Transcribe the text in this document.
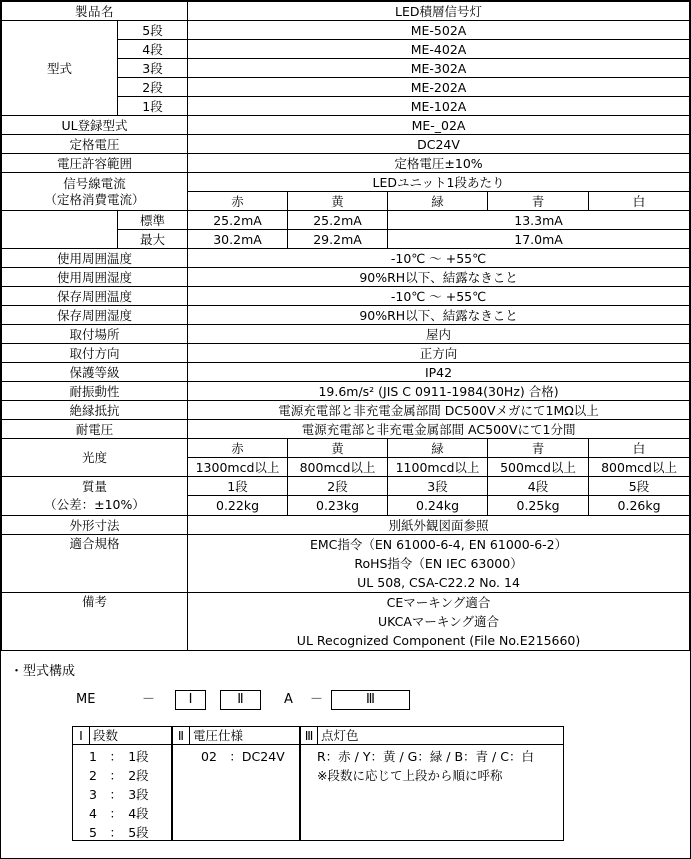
製品名		LED積層信号灯				
型式	5段	ME-502A				
	4段	ME-402A				
	3段	ME-302A				
	2段	ME-202A				
	1段	ME-102A				
UL登録型式		ME-_02A				
定格電圧		DC24V				
電圧許容範囲		定格電圧±10%				

信号線電流
（定格消費電流）		LEDユニット1段あたり				
		赤	黄	緑	青	白
	標準	25.2mA	25.2mA	13.3mA		
	最大	30.2mA	29.2mA	17.0mA		
使用周囲温度		-10℃ ～ +55℃				
使用周囲湿度		90%RH以下、結露なきこと				
保存周囲温度		-10℃ ～ +55℃				
保存周囲湿度		90%RH以下、結露なきこと				
取付場所		屋内				
取付方向		正方向				
保護等級		IP42				
耐振動性		19.6m/s² (JIS C 0911-1984(30Hz) 合格)				
絶縁抵抗		電源充電部と非充電金属部間 DC500Vメガにて1MΩ以上				
耐電圧		電源充電部と非充電金属部間 AC500Vにて1分間				
光度		赤	黄	緑	青	白
		1300mcd以上	800mcd以上	1100mcd以上	500mcd以上	800mcd以上

質量
（公差：±10%）		1段	2段	3段	4段	5段
		0.22kg	0.23kg	0.24kg	0.25kg	0.26kg
外形寸法		別紙外観図面参照				
適合規格		EMC指令（EN 61000-6-4, EN 61000-6-2）
RoHS指令（EN IEC 63000）
UL 508, CSA-C22.2 No. 14				

備考		CEマーキング適合
UKCAマーキング適合
UL Recognized Component (File No.E215660)				
・型式構成
ME	－	Ⅰ	Ⅱ	A －	Ⅲ
Ⅰ 段数
1　：　1段
2　：　2段
3　：　3段
4　：　4段
5　：　5段
Ⅱ 電圧仕様
02　：DC24V
Ⅲ 点灯色
R：赤 / Y：黄 / G：緑 / B：青 / C：白
※段数に応じて上段から順に呼称
